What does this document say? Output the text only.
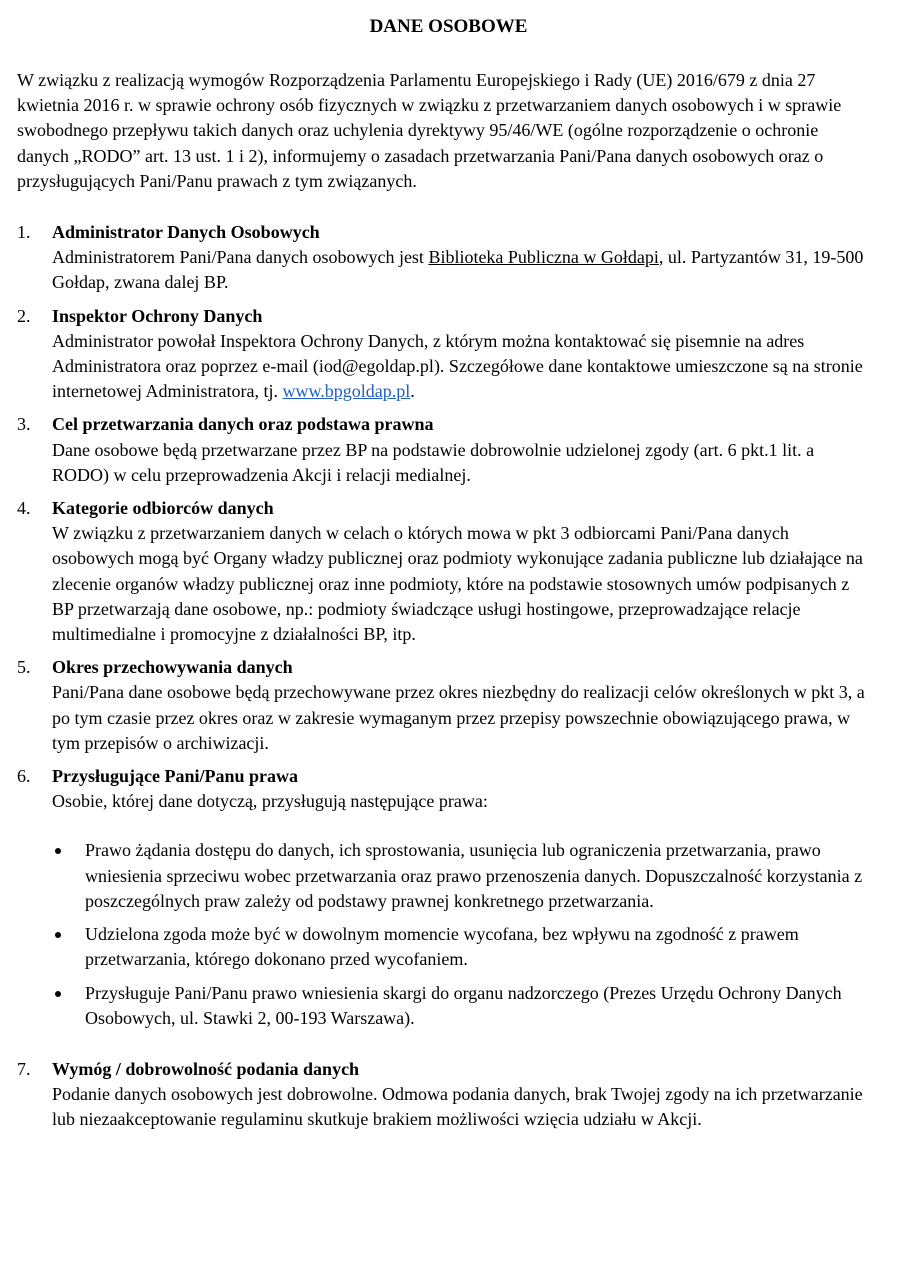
DANE OSOBOWE
W związku z realizacją wymogów Rozporządzenia Parlamentu Europejskiego i Rady (UE) 2016/679 z dnia 27 kwietnia 2016 r. w sprawie ochrony osób fizycznych w związku z przetwarzaniem danych osobowych i w sprawie swobodnego przepływu takich danych oraz uchylenia dyrektywy 95/46/WE (ogólne rozporządzenie o ochronie danych „RODO” art. 13 ust. 1 i 2), informujemy o zasadach przetwarzania Pani/Pana danych osobowych oraz o przysługujących Pani/Panu prawach z tym związanych.
1.	Administrator Danych Osobowych
Administratorem Pani/Pana danych osobowych jest Biblioteka Publiczna w Gołdapi, ul. Partyzantów 31, 19-500 Gołdap, zwana dalej BP.
2.	Inspektor Ochrony Danych
Administrator powołał Inspektora Ochrony Danych, z którym można kontaktować się pisemnie na adres Administratora oraz poprzez e-mail (iod@egoldap.pl). Szczegółowe dane kontaktowe umieszczone są na stronie internetowej Administratora, tj. www.bpgoldap.pl.
3.	Cel przetwarzania danych oraz podstawa prawna
Dane osobowe będą przetwarzane przez BP na podstawie dobrowolnie udzielonej zgody (art. 6 pkt.1 lit. a RODO) w celu przeprowadzenia Akcji i relacji medialnej.
4.	Kategorie odbiorców danych
W związku z przetwarzaniem danych w celach o których mowa w pkt 3 odbiorcami Pani/Pana danych osobowych mogą być Organy władzy publicznej oraz podmioty wykonujące zadania publiczne lub działające na zlecenie organów władzy publicznej oraz inne podmioty, które na podstawie stosownych umów podpisanych z BP przetwarzają dane osobowe, np.: podmioty świadczące usługi hostingowe, przeprowadzające relacje multimedialne i promocyjne z działalności BP, itp.
5.	Okres przechowywania danych
Pani/Pana dane osobowe będą przechowywane przez okres niezbędny do realizacji celów określonych w pkt 3, a po tym czasie przez okres oraz w zakresie wymaganym przez przepisy powszechnie obowiązującego prawa, w tym przepisów o archiwizacji.
6.	Przysługujące Pani/Panu prawa
Osobie, której dane dotyczą, przysługują następujące prawa:
Prawo żądania dostępu do danych, ich sprostowania, usunięcia lub ograniczenia przetwarzania, prawo wniesienia sprzeciwu wobec przetwarzania oraz prawo przenoszenia danych. Dopuszczalność korzystania z poszczególnych praw zależy od podstawy prawnej konkretnego przetwarzania.
Udzielona zgoda może być w dowolnym momencie wycofana, bez wpływu na zgodność z prawem przetwarzania, którego dokonano przed wycofaniem.
Przysługuje Pani/Panu prawo wniesienia skargi do organu nadzorczego (Prezes Urzędu Ochrony Danych Osobowych, ul. Stawki 2, 00-193 Warszawa).
7.	Wymóg / dobrowolność podania danych
Podanie danych osobowych jest dobrowolne. Odmowa podania danych, brak Twojej zgody na ich przetwarzanie lub niezaakceptowanie regulaminu skutkuje brakiem możliwości wzięcia udziału w Akcji.
